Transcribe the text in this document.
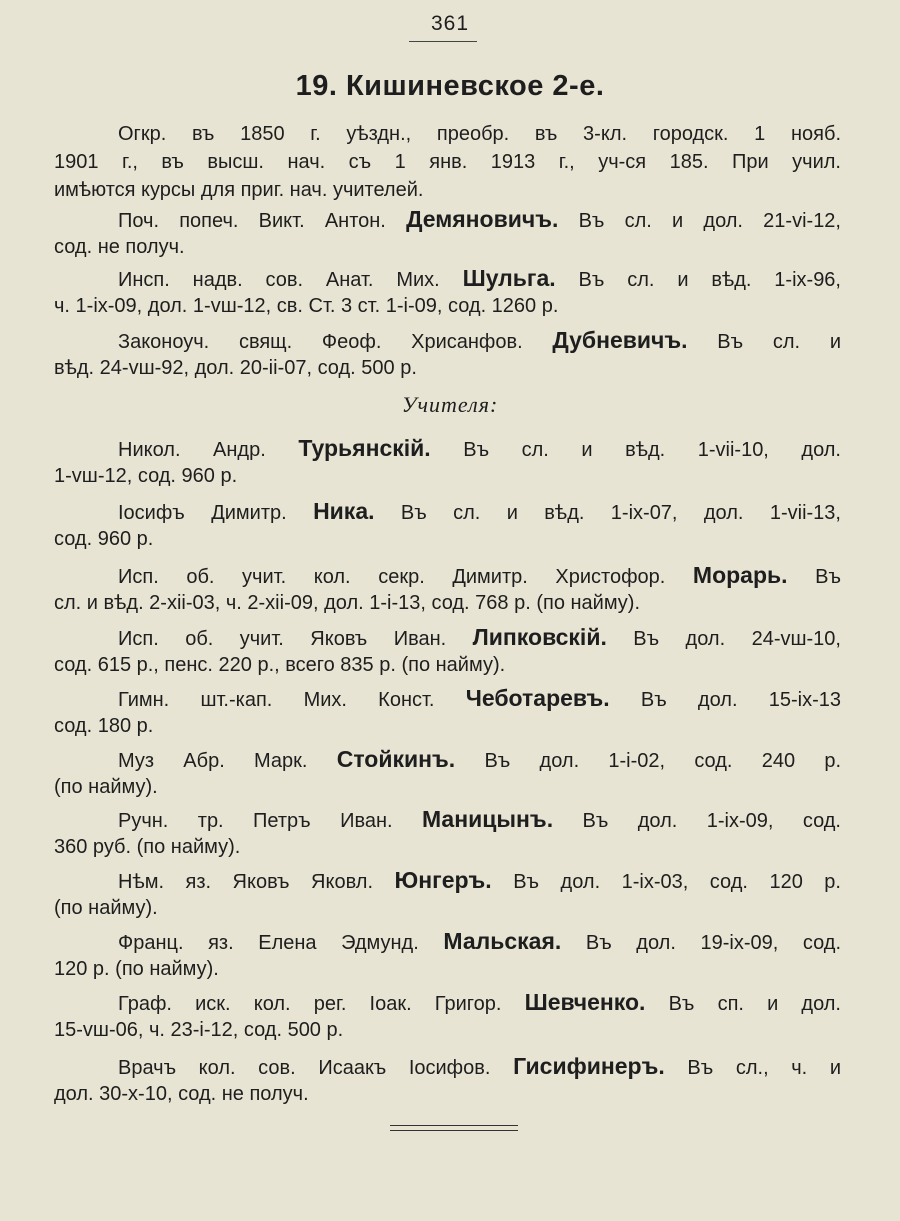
361
19. Кишиневское 2-е.
Огкр. въ 1850 г. уѣздн., преобр. въ 3-кл. городск. 1 нояб.
1901 г., въ высш. нач. съ 1 янв. 1913 г., уч-ся 185. При учил.
имѣются курсы для приг. нач. учителей.
Поч. попеч. Викт. Антон. Демяновичъ. Въ сл. и дол. 21-vi-12,
сод. не получ.
Инсп. надв. сов. Анат. Мих. Шульга. Въ сл. и вѣд. 1-ix-96,
ч. 1-ix-09, дол. 1-vш-12, св. Ст. 3 ст. 1-i-09, сод. 1260 р.
Законоуч. свящ. Феоф. Хрисанфов. Дубневичъ. Въ сл. и
вѣд. 24-vш-92, дол. 20-ii-07, сод. 500 р.
Учителя:
Никол. Андр. Турьянскій. Въ сл. и вѣд. 1-vii-10, дол.
1-vш-12, сод. 960 р.
Іосифъ Димитр. Ника. Въ сл. и вѣд. 1-ix-07, дол. 1-vii-13,
сод. 960 р.
Исп. об. учит. кол. секр. Димитр. Христофор. Морарь. Въ
сл. и вѣд. 2-xii-03, ч. 2-xii-09, дол. 1-i-13, сод. 768 р. (по найму).
Исп. об. учит. Яковъ Иван. Липковскій. Въ дол. 24-vш-10,
сод. 615 р., пенс. 220 р., всего 835 р. (по найму).
Гимн. шт.-кап. Мих. Конст. Чеботаревъ. Въ дол. 15-ix-13
сод. 180 р.
Муз Абр. Марк. Стойкинъ. Въ дол. 1-i-02, сод. 240 р.
(по найму).
Ручн. тр. Петръ Иван. Маницынъ. Въ дол. 1-ix-09, сод.
360 руб. (по найму).
Нѣм. яз. Яковъ Яковл. Юнгеръ. Въ дол. 1-ix-03, сод. 120 р.
(по найму).
Франц. яз. Елена Эдмунд. Мальская. Въ дол. 19-ix-09, сод.
120 р. (по найму).
Граф. иск. кол. рег. Іоак. Григор. Шевченко. Въ сп. и дол.
15-vш-06, ч. 23-i-12, сод. 500 р.
Врачъ кол. сов. Исаакъ Іосифов. Гисифинеръ. Въ сл., ч. и
дол. 30-x-10, сод. не получ.
